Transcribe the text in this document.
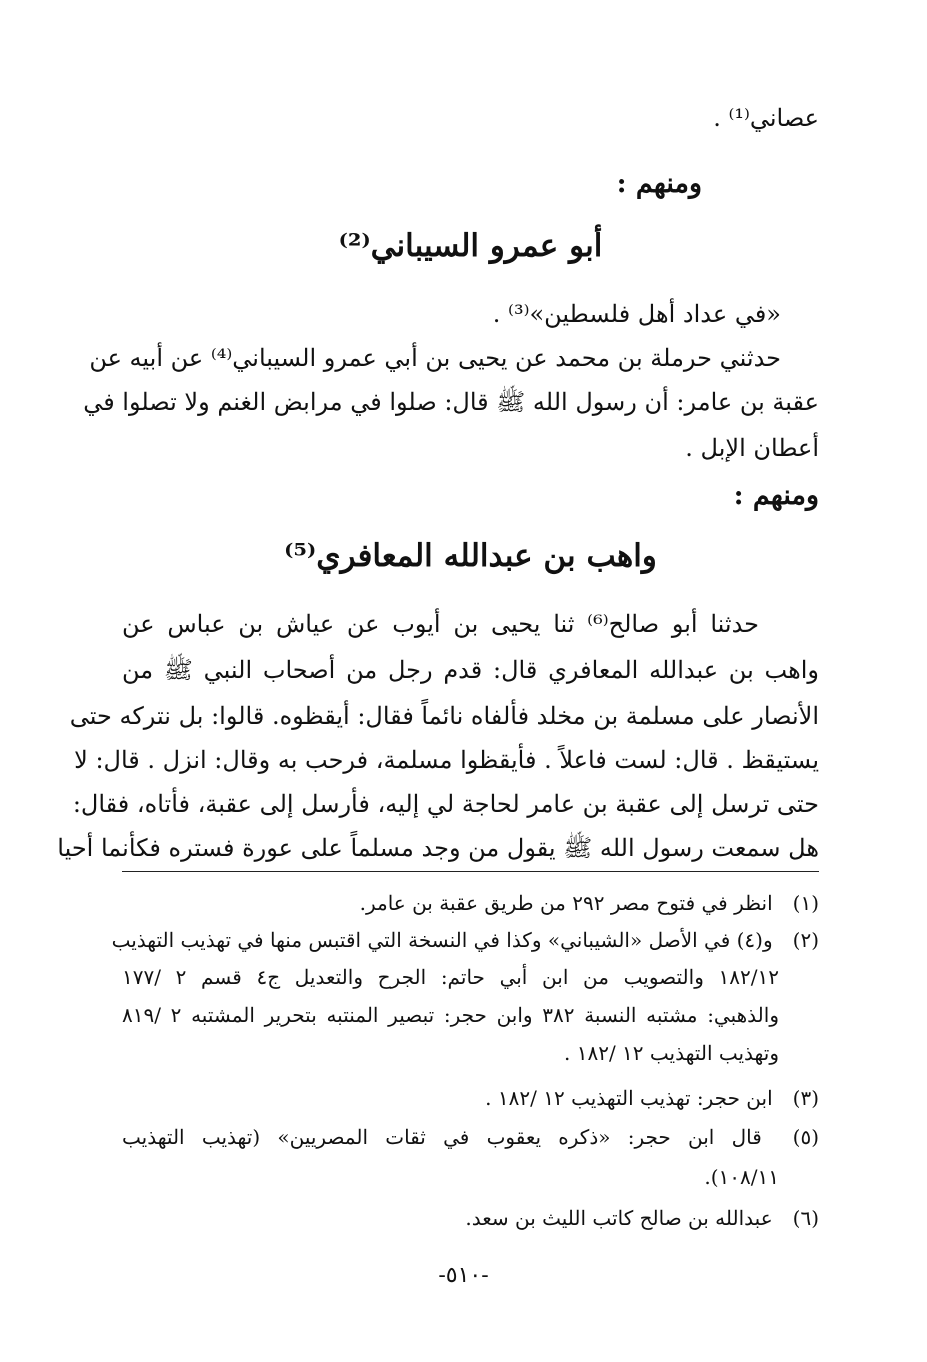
عصاني⁽¹⁾ .
ومنهم :
أبو عمرو السيباني⁽²⁾
«في عداد أهل فلسطين»⁽³⁾ .
حدثني حرملة بن محمد عن يحيى بن أبي عمرو السيباني⁽⁴⁾ عن أبيه عن
عقبة بن عامر: أن رسول الله ﷺ قال: صلوا في مرابض الغنم ولا تصلوا في
أعطان الإبل .
ومنهم :
واهب بن عبدالله المعافري⁽⁵⁾
حدثنا أبو صالح⁽⁶⁾ ثنا يحيى بن أيوب عن عياش بن عباس عن
واهب بن عبدالله المعافري قال: قدم رجل من أصحاب النبي ﷺ من
الأنصار على مسلمة بن مخلد فألفاه نائماً فقال: أيقظوه. قالوا: بل نتركه حتى
يستيقظ . قال: لست فاعلاً . فأيقظوا مسلمة، فرحب به وقال: انزل . قال: لا
حتى ترسل إلى عقبة بن عامر لحاجة لي إليه، فأرسل إلى عقبة، فأتاه، فقال:
هل سمعت رسول الله ﷺ يقول من وجد مسلماً على عورة فستره فكأنما أحيا
(١) انظر في فتوح مصر ٢٩٢ من طريق عقبة بن عامر.
(٢) و(٤) في الأصل «الشيباني» وكذا في النسخة التي اقتبس منها في تهذيب التهذيب
١٨٢/١٢ والتصويب من ابن أبي حاتم: الجرح والتعديل ج٤ قسم ٢ /١٧٧
والذهبي: مشتبه النسبة ٣٨٢ وابن حجر: تبصير المنتبه بتحرير المشتبه ٢ /٨١٩
وتهذيب التهذيب ١٢ /١٨٢ .
(٣) ابن حجر: تهذيب التهذيب ١٢ /١٨٢ .
(٥) قال ابن حجر: «ذكره يعقوب في ثقات المصريين» (تهذيب التهذيب
١٠٨/١١).
(٦) عبدالله بن صالح كاتب الليث بن سعد.
-٥١٠-
